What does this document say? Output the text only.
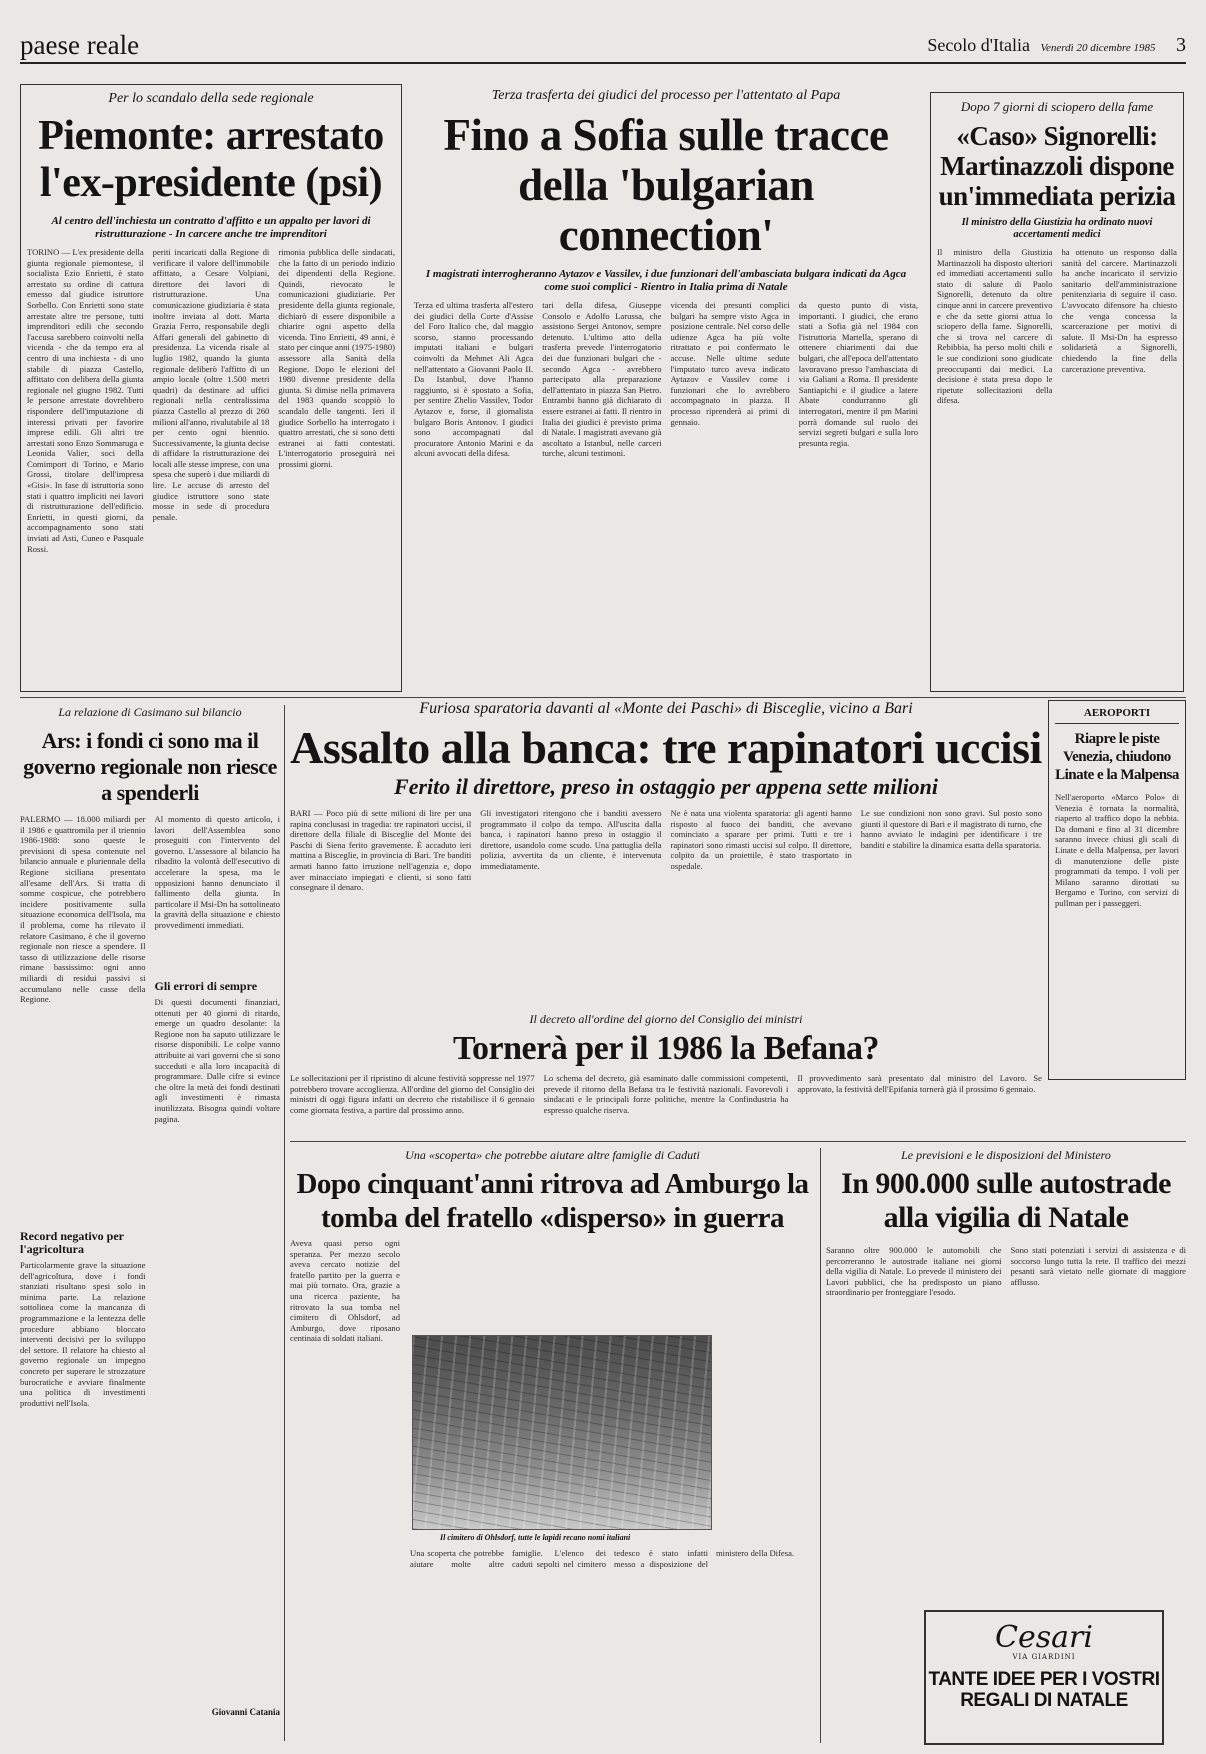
paese reale	Secolo d'Italia Venerdì 20 dicembre 1985 3
Per lo scandalo della sede regionale
Piemonte: arrestato l'ex-presidente (psi)
Al centro dell'inchiesta un contratto d'affitto e un appalto per lavori di ristrutturazione - In carcere anche tre imprenditori
TORINO — L'ex presidente della giunta regionale piemontese, il socialista Ezio Enrietti, è stato arrestato su ordine di cattura emesso dal giudice istruttore Sorbello. Con Enrietti sono state arrestate altre tre persone, tutti imprenditori edili che secondo l'accusa sarebbero coinvolti nella vicenda - che da tempo era al centro di una inchiesta - di uno stabile di piazza Castello, affittato con delibera della giunta regionale nel giugno 1982. Tutti le persone arrestate dovrebbero rispondere dell'imputazione di interessi privati per favorire imprese edili. Gli altri tre arrestati sono Enzo Sommaruga e Leonida Valier, soci della Comimport di Torino, e Mario Grossi, titolare dell'impresa «Gisi». In fase di istruttoria sono stati i quattro impliciti nei lavori di ristrutturazione dell'edificio. Enrietti, in questi giorni, da accompagnamento sono stati inviati ad Asti, Cuneo e Pasquale Rossi.
periti incaricati dalla Regione di verificare il valore dell'immobile affittato, a Cesare Volpiani, direttore dei lavori di ristrutturazione. Una comunicazione giudiziaria è stata inoltre inviata al dott. Marta Grazia Ferro, responsabile degli Affari generali del gabinetto di presidenza. La vicenda risale al luglio 1982, quando la giunta regionale deliberò l'affitto di un ampio locale (oltre 1.500 metri quadri) da destinare ad uffici regionali nella centralissima piazza Castello al prezzo di 260 milioni all'anno, rivalutabile al 18 per cento ogni biennio. Successivamente, la giunta decise di affidare la ristrutturazione dei locali alle stesse imprese, con una spesa che superò i due miliardi di lire. Le accuse di arresto del giudice istruttore sono state mosse in sede di procedura penale.
rimonia pubblica delle sindacati, che la fatto di un periodo indizio dei dipendenti della Regione. Quindi, rievocato le comunicazioni giudiziarie. Per presidente della giunta regionale, dichiarò di essere disponibile a chiarire ogni aspetto della vicenda. Tino Enrietti, 49 anni, è stato per cinque anni (1975-1980) assessore alla Sanità della Regione. Dopo le elezioni del 1980 divenne presidente della giunta. Si dimise nella primavera del 1983 quando scoppiò lo scandalo delle tangenti. Ieri il giudice Sorbello ha interrogato i quattro arrestati, che si sono detti estranei ai fatti contestati. L'interrogatorio proseguirà nei prossimi giorni.
Terza trasferta dei giudici del processo per l'attentato al Papa
Fino a Sofia sulle tracce della 'bulgarian connection'
I magistrati interrogheranno Aytazov e Vassilev, i due funzionari dell'ambasciata bulgara indicati da Agca come suoi complici - Rientro in Italia prima di Natale
Terza ed ultima trasferta all'estero dei giudici della Corte d'Assise del Foro Italico che, dal maggio scorso, stanno processando imputati italiani e bulgari coinvolti da Mehmet Ali Agca nell'attentato a Giovanni Paolo II. Da Istanbul, dove l'hanno raggiunto, si è spostato a Sofia, per sentire Zhelio Vassilev, Todor Aytazov e, forse, il giornalista bulgaro Boris Antonov. I giudici sono accompagnati dal procuratore Antonio Marini e da alcuni avvocati della difesa.
tari della difesa, Giuseppe Consolo e Adolfo Larussa, che assistono Sergei Antonov, sempre detenuto. L'ultimo atto della trasferta prevede l'interrogatorio dei due funzionari bulgari che - secondo Agca - avrebbero partecipato alla preparazione dell'attentato in piazza San Pietro. Entrambi hanno già dichiarato di essere estranei ai fatti. Il rientro in Italia dei giudici è previsto prima di Natale. I magistrati avevano già ascoltato a Istanbul, nelle carceri turche, alcuni testimoni.
vicenda dei presunti complici bulgari ha sempre visto Agca in posizione centrale. Nel corso delle udienze Agca ha più volte ritrattato e poi confermato le accuse. Nelle ultime sedute l'imputato turco aveva indicato Aytazov e Vassilev come i funzionari che lo avrebbero accompagnato in piazza. Il processo riprenderà ai primi di gennaio.
da questo punto di vista, importanti. I giudici, che erano stati a Sofia già nel 1984 con l'istruttoria Martella, sperano di ottenere chiarimenti dai due bulgari, che all'epoca dell'attentato lavoravano presso l'ambasciata di via Galiani a Roma. Il presidente Santiapichi e il giudice a latere Abate condurranno gli interrogatori, mentre il pm Marini porrà domande sul ruolo dei servizi segreti bulgari e sulla loro presunta regia.
Dopo 7 giorni di sciopero della fame
«Caso» Signorelli: Martinazzoli dispone un'immediata perizia
Il ministro della Giustizia ha ordinato nuovi accertamenti medici
Il ministro della Giustizia Martinazzoli ha disposto ulteriori ed immediati accertamenti sullo stato di salute di Paolo Signorelli, detenuto da oltre cinque anni in carcere preventivo e che da sette giorni attua lo sciopero della fame. Signorelli, che si trova nel carcere di Rebibbia, ha perso molti chili e le sue condizioni sono giudicate preoccupanti dai medici. La decisione è stata presa dopo le ripetute sollecitazioni della difesa.
ha ottenuto un responso dalla sanità del carcere. Martinazzoli ha anche incaricato il servizio sanitario dell'amministrazione penitenziaria di seguire il caso. L'avvocato difensore ha chiesto che venga concessa la scarcerazione per motivi di salute. Il Msi-Dn ha espresso solidarietà a Signorelli, chiedendo la fine della carcerazione preventiva.
La relazione di Casimano sul bilancio
Ars: i fondi ci sono ma il governo regionale non riesce a spenderli
PALERMO — 18.000 miliardi per il 1986 e quattromila per il triennio 1986-1988: sono queste le previsioni di spesa contenute nel bilancio annuale e pluriennale della Regione siciliana presentato all'esame dell'Ars. Si tratta di somme cospicue, che potrebbero incidere positivamente sulla situazione economica dell'Isola, ma il problema, come ha rilevato il relatore Casimano, è che il governo regionale non riesce a spendere. Il tasso di utilizzazione delle risorse rimane bassissimo: ogni anno miliardi di residui passivi si accumulano nelle casse della Regione.
Record negativo per l'agricoltura
Particolarmente grave la situazione dell'agricoltura, dove i fondi stanziati risultano spesi solo in minima parte. La relazione sottolinea come la mancanza di programmazione e la lentezza delle procedure abbiano bloccato interventi decisivi per lo sviluppo del settore. Il relatore ha chiesto al governo regionale un impegno concreto per superare le strozzature burocratiche e avviare finalmente una politica di investimenti produttivi nell'Isola.
Al momento di questo articolo, i lavori dell'Assemblea sono proseguiti con l'intervento del governo. L'assessore al bilancio ha ribadito la volontà dell'esecutivo di accelerare la spesa, ma le opposizioni hanno denunciato il fallimento della giunta. In particolare il Msi-Dn ha sottolineato la gravità della situazione e chiesto provvedimenti immediati.
Gli errori di sempre
Di questi documenti finanziari, ottenuti per 40 giorni di ritardo, emerge un quadro desolante: la Regione non ha saputo utilizzare le risorse disponibili. Le colpe vanno attribuite ai vari governi che si sono succeduti e alla loro incapacità di programmare. Dalle cifre si evince che oltre la metà dei fondi destinati agli investimenti è rimasta inutilizzata. Bisogna quindi voltare pagina.
Giovanni Catania
Furiosa sparatoria davanti al «Monte dei Paschi» di Bisceglie, vicino a Bari
Assalto alla banca: tre rapinatori uccisi
Ferito il direttore, preso in ostaggio per appena sette milioni
BARI — Poco più di sette milioni di lire per una rapina conclusasi in tragedia: tre rapinatori uccisi, il direttore della filiale di Bisceglie del Monte dei Paschi di Siena ferito gravemente. È accaduto ieri mattina a Bisceglie, in provincia di Bari. Tre banditi armati hanno fatto irruzione nell'agenzia e, dopo aver minacciato impiegati e clienti, si sono fatti consegnare il denaro.
Gli investigatori ritengono che i banditi avessero programmato il colpo da tempo. All'uscita dalla banca, i rapinatori hanno preso in ostaggio il direttore, usandolo come scudo. Una pattuglia della polizia, avvertita da un cliente, è intervenuta immediatamente.
Ne è nata una violenta sparatoria: gli agenti hanno risposto al fuoco dei banditi, che avevano cominciato a sparare per primi. Tutti e tre i rapinatori sono rimasti uccisi sul colpo. Il direttore, colpito da un proiettile, è stato trasportato in ospedale.
Le sue condizioni non sono gravi. Sul posto sono giunti il questore di Bari e il magistrato di turno, che hanno avviato le indagini per identificare i tre banditi e stabilire la dinamica esatta della sparatoria.
AEROPORTI
Riapre le piste Venezia, chiudono Linate e la Malpensa
Nell'aeroporto «Marco Polo» di Venezia è tornata la normalità, riaperto al traffico dopo la nebbia. Da domani e fino al 31 dicembre saranno invece chiusi gli scali di Linate e della Malpensa, per lavori di manutenzione delle piste programmati da tempo. I voli per Milano saranno dirottati su Bergamo e Torino, con servizi di pullman per i passeggeri.
Il decreto all'ordine del giorno del Consiglio dei ministri
Tornerà per il 1986 la Befana?
Le sollecitazioni per il ripristino di alcune festività soppresse nel 1977 potrebbero trovare accoglienza. All'ordine del giorno del Consiglio dei ministri di oggi figura infatti un decreto che ristabilisce il 6 gennaio come giornata festiva, a partire dal prossimo anno.
Lo schema del decreto, già esaminato dalle commissioni competenti, prevede il ritorno della Befana tra le festività nazionali. Favorevoli i sindacati e le principali forze politiche, mentre la Confindustria ha espresso qualche riserva.
Il provvedimento sarà presentato dal ministro del Lavoro. Se approvato, la festività dell'Epifania tornerà già il prossimo 6 gennaio.
Una «scoperta» che potrebbe aiutare altre famiglie di Caduti
Dopo cinquant'anni ritrova ad Amburgo la tomba del fratello «disperso» in guerra
Aveva quasi perso ogni speranza. Per mezzo secolo aveva cercato notizie del fratello partito per la guerra e mai più tornato. Ora, grazie a una ricerca paziente, ha ritrovato la sua tomba nel cimitero di Ohlsdorf, ad Amburgo, dove riposano centinaia di soldati italiani.
Una scoperta che potrebbe aiutare molte altre famiglie. L'elenco dei caduti sepolti nel cimitero tedesco è stato infatti messo a disposizione del ministero della Difesa.
Il cimitero di Ohlsdorf, tutte le lapidi recano nomi italiani
Le previsioni e le disposizioni del Ministero
In 900.000 sulle autostrade alla vigilia di Natale
Saranno oltre 900.000 le automobili che percorreranno le autostrade italiane nei giorni della vigilia di Natale. Lo prevede il ministero dei Lavori pubblici, che ha predisposto un piano straordinario per fronteggiare l'esodo.
Sono stati potenziati i servizi di assistenza e di soccorso lungo tutta la rete. Il traffico dei mezzi pesanti sarà vietato nelle giornate di maggiore afflusso.
Cesari
VIA GIARDINI
TANTE IDEE PER I VOSTRI REGALI DI NATALE
